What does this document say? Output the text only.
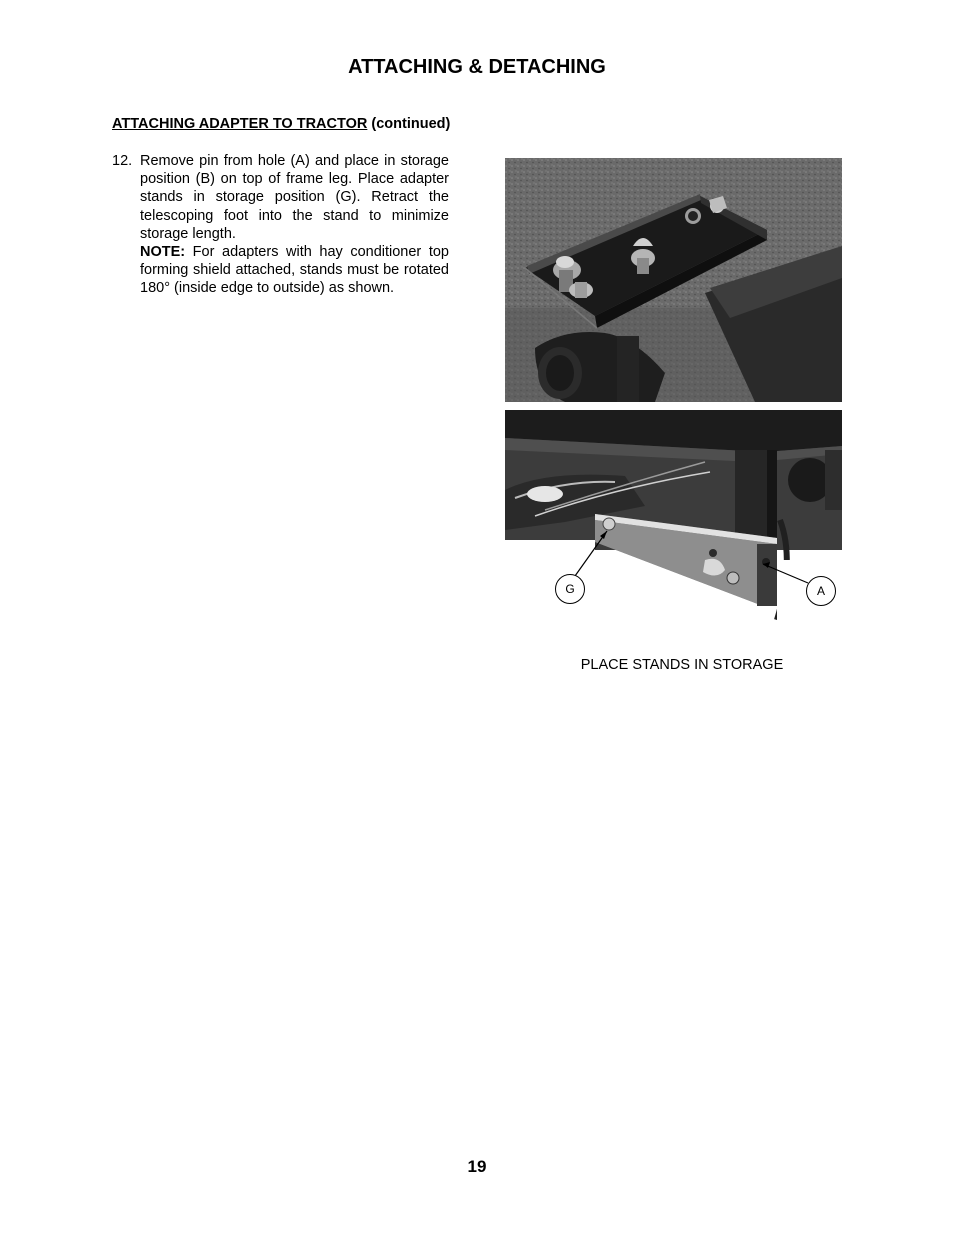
ATTACHING & DETACHING
ATTACHING ADAPTER TO TRACTOR (continued)
12. Remove pin from hole (A) and place in storage position (B) on top of frame leg. Place adapter stands in storage position (G). Retract the telescoping foot into the stand to minimize storage length.

NOTE: For adapters with hay conditioner top forming shield attached, stands must be rotated 180° (inside edge to outside) as shown.

G	A
PLACE STANDS IN STORAGE
19
